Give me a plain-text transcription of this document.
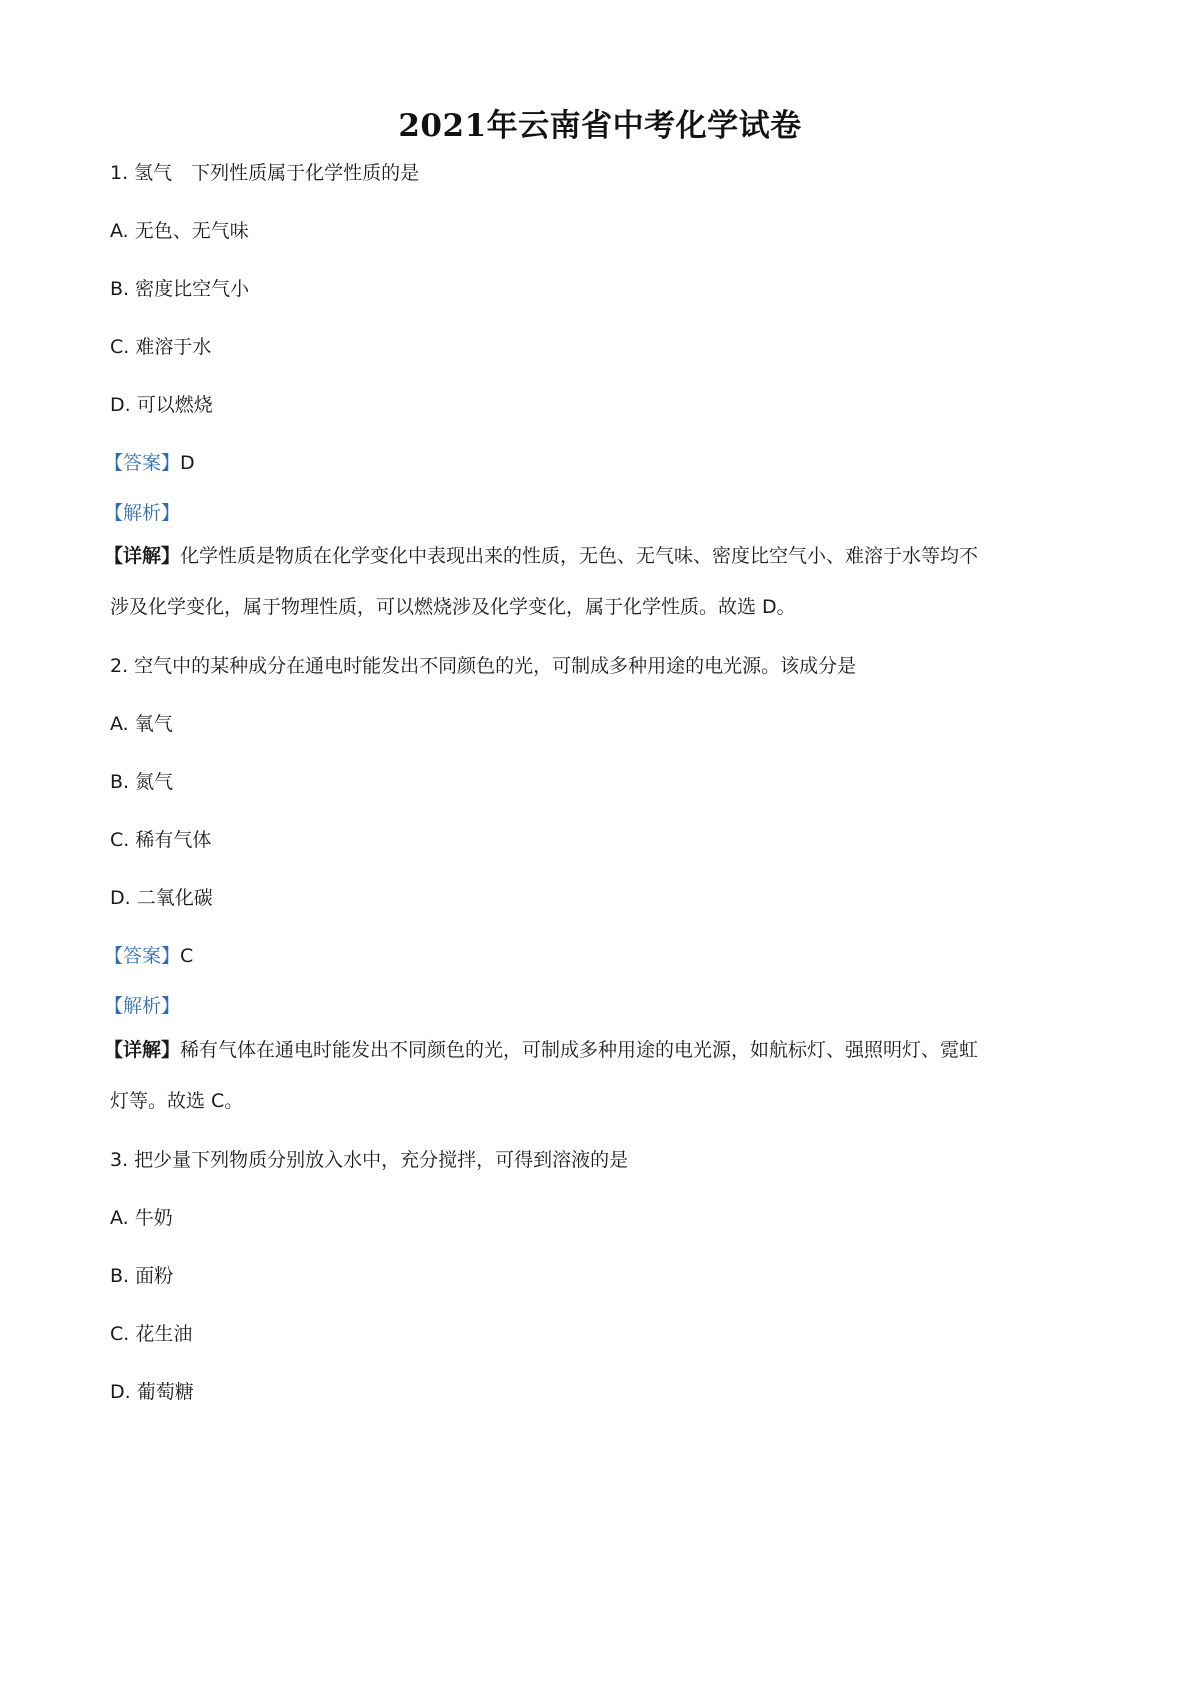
2021年云南省中考化学试卷
1. 氢气　下列性质属于化学性质的是
A. 无色、无气味
B. 密度比空气小
C. 难溶于水
D. 可以燃烧
【答案】D
【解析】
【详解】化学性质是物质在化学变化中表现出来的性质，无色、无气味、密度比空气小、难溶于水等均不
涉及化学变化，属于物理性质，可以燃烧涉及化学变化，属于化学性质。故选 D。
2. 空气中的某种成分在通电时能发出不同颜色的光，可制成多种用途的电光源。该成分是
A. 氧气
B. 氮气
C. 稀有气体
D. 二氧化碳
【答案】C
【解析】
【详解】稀有气体在通电时能发出不同颜色的光，可制成多种用途的电光源，如航标灯、强照明灯、霓虹
灯等。故选 C。
3. 把少量下列物质分别放入水中，充分搅拌，可得到溶液的是
A. 牛奶
B. 面粉
C. 花生油
D. 葡萄糖
